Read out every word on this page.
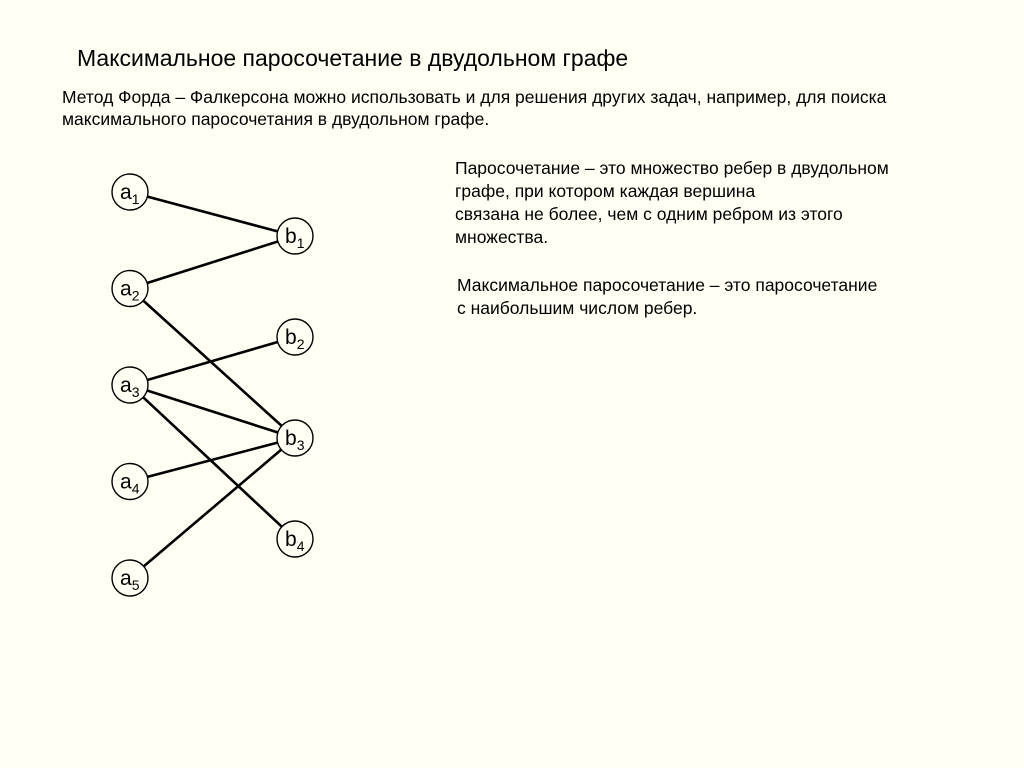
Максимальное паросочетание в двудольном графе
Метод Форда – Фалкерсона можно использовать и для решения других задач, например, для поиска максимального паросочетания в двудольном графе.
Паросочетание – это множество ребер в двудольном
графе, при котором каждая вершина
связана не более, чем с одним ребром из этого
множества.
Максимальное паросочетание – это паросочетание
с наибольшим числом ребер.
$a_1$
$a_2$
$a_3$
$a_4$
$a_5$
$b_1$
$b_2$
$b_3$
$b_4$
